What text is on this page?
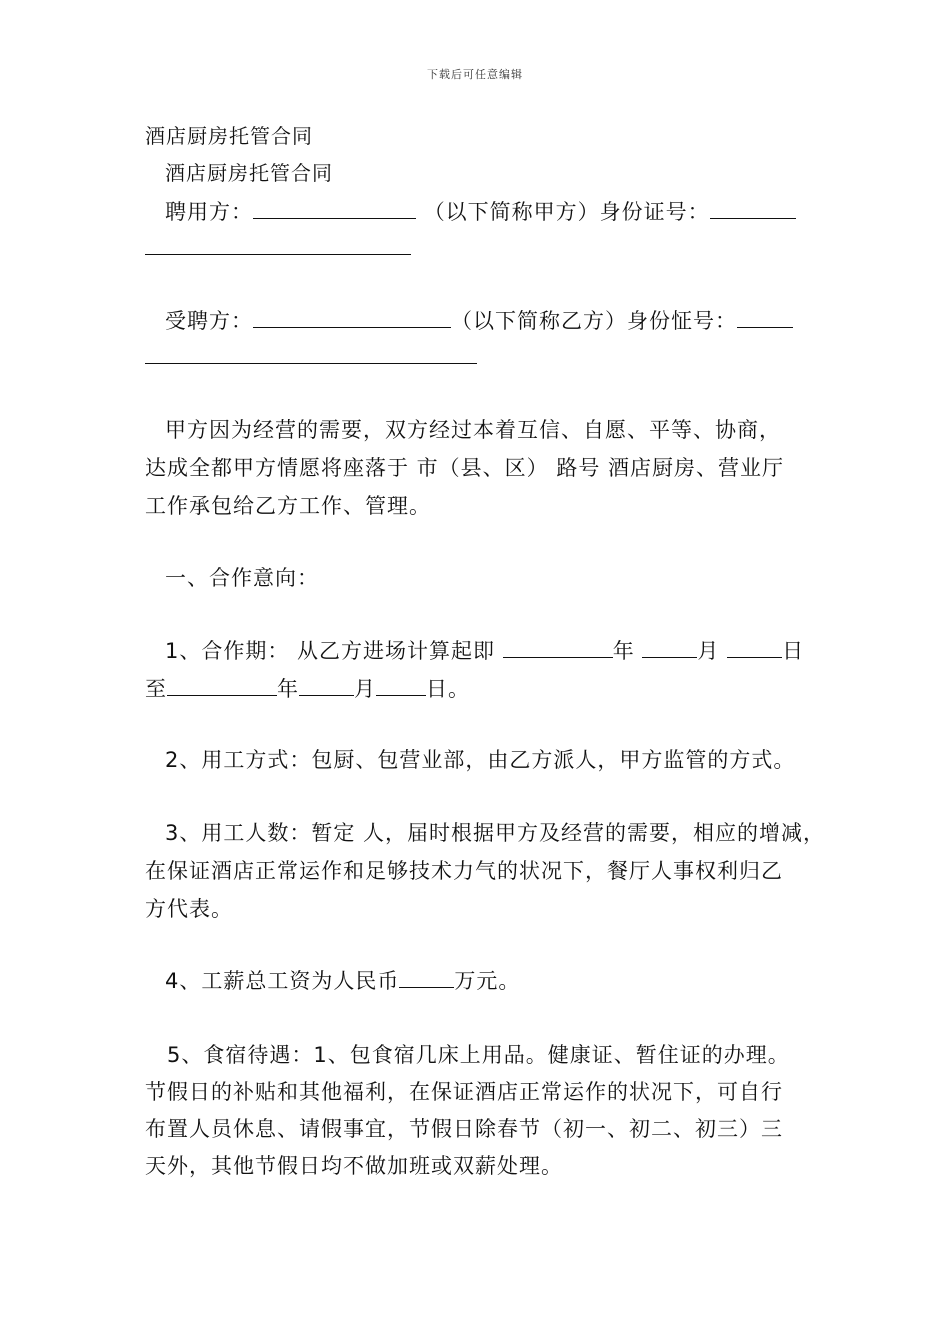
下载后可任意编辑
酒店厨房托管合同
酒店厨房托管合同
聘用方：	（以下简称甲方）身份证号：
受聘方：	（以下简称乙方）身份怔号：
甲方因为经营的需要，双方经过本着互信、自愿、平等、协商，
达成全都甲方情愿将座落于 市（县、区） 路号 酒店厨房、营业厅
工作承包给乙方工作、管理。
一、合作意向：
1、合作期： 从乙方进场计算起即	年	月	日
至	年	月 日。
2、用工方式：包厨、包营业部，由乙方派人，甲方监管的方式。
3、用工人数：暂定 人，届时根据甲方及经营的需要，相应的增减，
在保证酒店正常运作和足够技术力气的状况下，餐厅人事权利归乙
方代表。
4、工薪总工资为人民币	万元。
5、食宿待遇：1、包食宿几床上用品。健康证、暂住证的办理。
节假日的补贴和其他福利，在保证酒店正常运作的状况下，可自行
布置人员休息、请假事宜，节假日除春节（初一、初二、初三）三
天外，其他节假日均不做加班或双薪处理。
